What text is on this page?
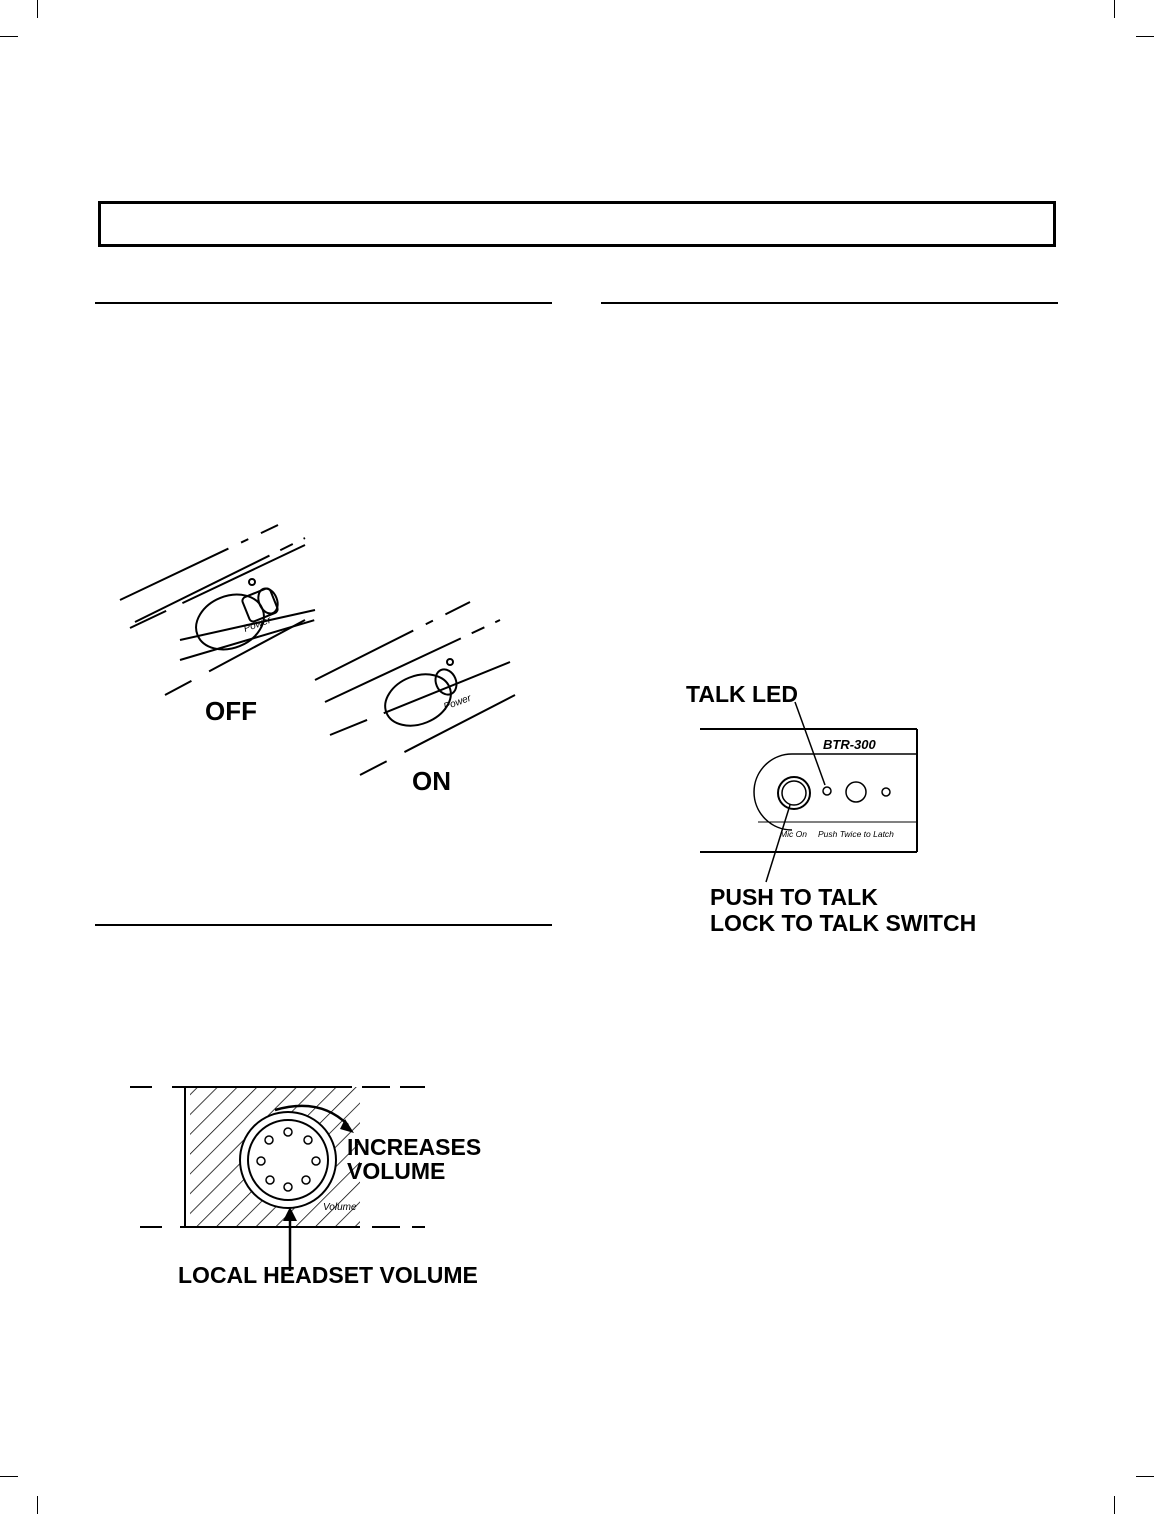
Power
Power
OFF
ON
Volume
INCREASES
VOLUME
LOCAL HEADSET VOLUME
TALK LED
BTR-300
Mic On Push Twice to Latch
PUSH TO TALK
LOCK TO TALK SWITCH
